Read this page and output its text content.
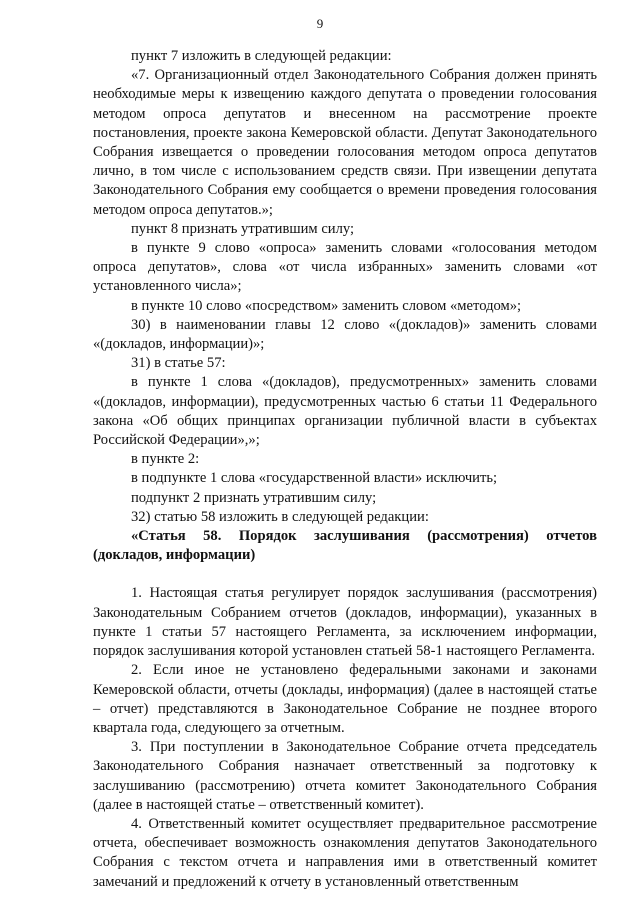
9

пункт 7 изложить в следующей редакции:

«7. Организационный отдел Законодательного Собрания должен принять необходимые меры к извещению каждого депутата о проведении голосования методом опроса депутатов и внесенном на рассмотрение проекте постановления, проекте закона Кемеровской области. Депутат Законодательного Собрания извещается о проведении голосования методом опроса депутатов лично, в том числе с использованием средств связи. При извещении депутата Законодательного Собрания ему сообщается о времени проведения голосования методом опроса депутатов.»;

пункт 8 признать утратившим силу;

в пункте 9 слово «опроса» заменить словами «голосования методом опроса депутатов», слова «от числа избранных» заменить словами «от установленного числа»;

в пункте 10 слово «посредством» заменить словом «методом»;

30) в наименовании главы 12 слово «(докладов)» заменить словами «(докладов, информации)»;

31) в статье 57:

в пункте 1 слова «(докладов), предусмотренных» заменить словами «(докладов, информации), предусмотренных частью 6 статьи 11 Федерального закона «Об общих принципах организации публичной власти в субъектах Российской Федерации»,»;

в пункте 2:

в подпункте 1 слова «государственной власти» исключить;

подпункт 2 признать утратившим силу;

32) статью 58 изложить в следующей редакции:

«Статья 58. Порядок заслушивания (рассмотрения) отчетов (докладов, информации)

1. Настоящая статья регулирует порядок заслушивания (рассмотрения) Законодательным Собранием отчетов (докладов, информации), указанных в пункте 1 статьи 57 настоящего Регламента, за исключением информации, порядок заслушивания которой установлен статьей 58-1 настоящего Регламента.

2. Если иное не установлено федеральными законами и законами Кемеровской области, отчеты (доклады, информация) (далее в настоящей статье – отчет) представляются в Законодательное Собрание не позднее второго квартала года, следующего за отчетным.

3. При поступлении в Законодательное Собрание отчета председатель Законодательного Собрания назначает ответственный за подготовку к заслушиванию (рассмотрению) отчета комитет Законодательного Собрания (далее в настоящей статье – ответственный комитет).

4. Ответственный комитет осуществляет предварительное рассмотрение отчета, обеспечивает возможность ознакомления депутатов Законодательного Собрания с текстом отчета и направления ими в ответственный комитет замечаний и предложений к отчету в установленный ответственным
